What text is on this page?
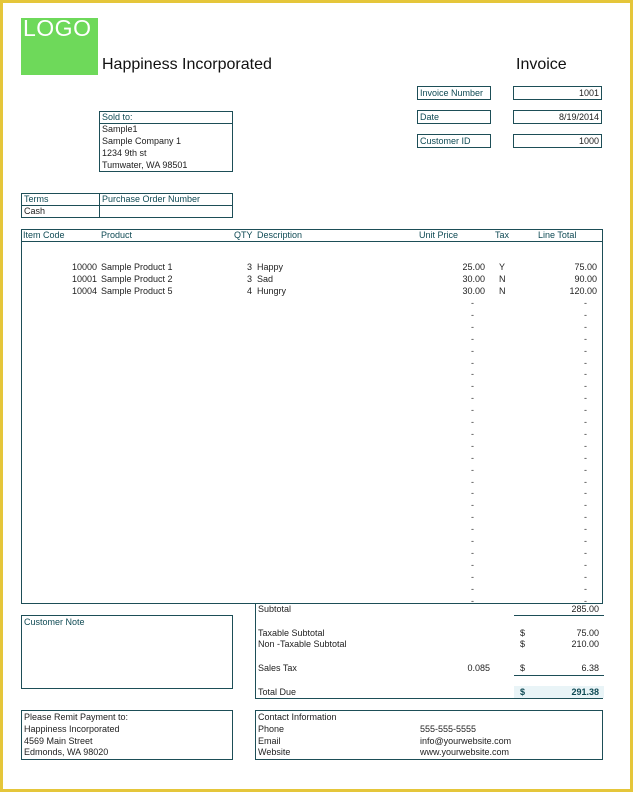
LOGO
Happiness Incorporated	Invoice
Invoice Number	1001
Date	8/19/2014
Customer ID	1000
Sold to:
Sample1
Sample Company 1
1234 9th st
Tumwater, WA 98501
Terms	Purchase Order Number
Cash
Item Code	Product	QTY Description	Unit Price	Tax	Line Total
10000 Sample Product 1	3 Happy	25.00 Y	75.00
10001 Sample Product 2	3 Sad	30.00 N	90.00
10004 Sample Product 5	4 Hungry	30.00 N	120.00
-	-
-	-
-	-
-	-
-	-
-	-
-	-
-	-
-	-
-	-
-	-
-	-
-	-
-	-
-	-
-	-
-	-
-	-
-	-
-	-
-	-
-	-
-	-
-	-
-	-
-	-
Subtotal	285.00
Taxable Subtotal	$	75.00
Non -Taxable Subtotal	$	210.00
Sales Tax	0.085	$	6.38
Total Due	$	291.38
Customer Note
Please Remit Payment to:
Happiness Incorporated
4569 Main Street
Edmonds, WA 98020
Contact Information
Phone	555-555-5555
Email	info@yourwebsite.com
Website	www.yourwebsite.com
